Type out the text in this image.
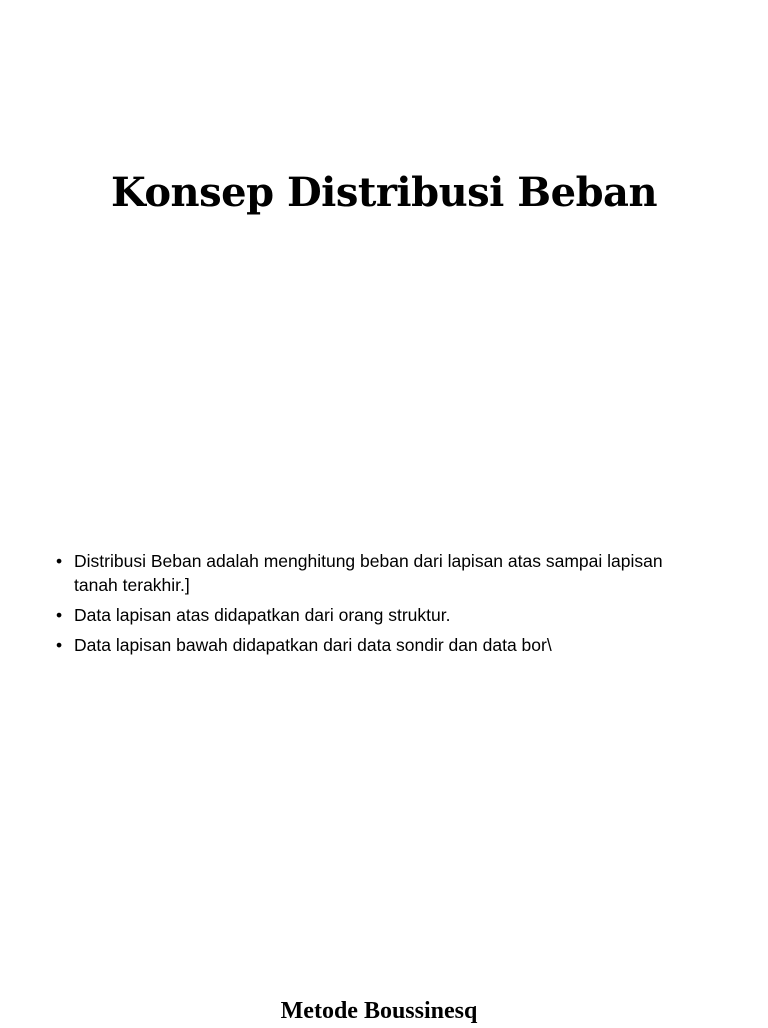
Konsep Distribusi Beban
• Distribusi Beban adalah menghitung beban dari lapisan atas sampai lapisan tanah terakhir.]
• Data lapisan atas didapatkan dari orang struktur.
• Data lapisan bawah didapatkan dari data sondir dan data bor\
Metode Boussinesq
